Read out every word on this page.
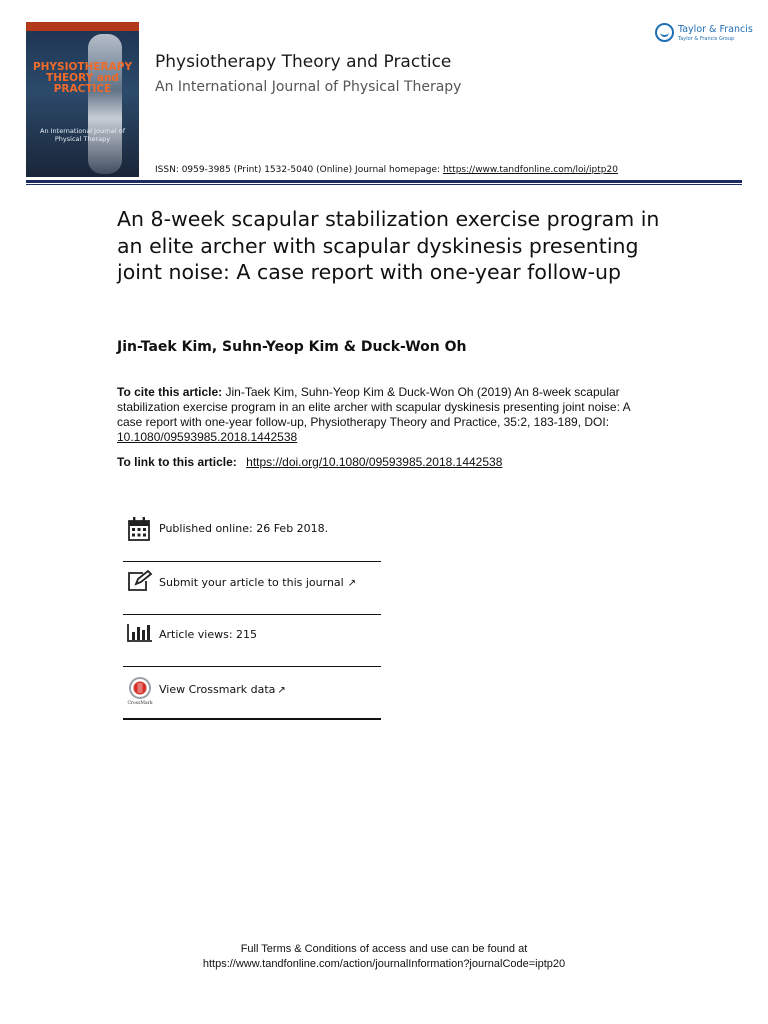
PHYSIOTHERAPY THEORY and PRACTICE
An International Journal of Physical Therapy
Physiotherapy Theory and Practice
An International Journal of Physical Therapy
Taylor & Francis
Taylor & Francis Group
ISSN: 0959-3985 (Print) 1532-5040 (Online) Journal homepage: https://www.tandfonline.com/loi/iptp20
An 8-week scapular stabilization exercise program in an elite archer with scapular dyskinesis presenting joint noise: A case report with one-year follow-up
Jin-Taek Kim, Suhn-Yeop Kim & Duck-Won Oh
To cite this article: Jin-Taek Kim, Suhn-Yeop Kim & Duck-Won Oh (2019) An 8-week scapular stabilization exercise program in an elite archer with scapular dyskinesis presenting joint noise: A case report with one-year follow-up, Physiotherapy Theory and Practice, 35:2, 183-189, DOI: 10.1080/09593985.2018.1442538
To link to this article: https://doi.org/10.1080/09593985.2018.1442538
Published online: 26 Feb 2018.
Submit your article to this journal ↗
Article views: 215
CrossMark
View Crossmark data ↗
Full Terms & Conditions of access and use can be found at
https://www.tandfonline.com/action/journalInformation?journalCode=iptp20
